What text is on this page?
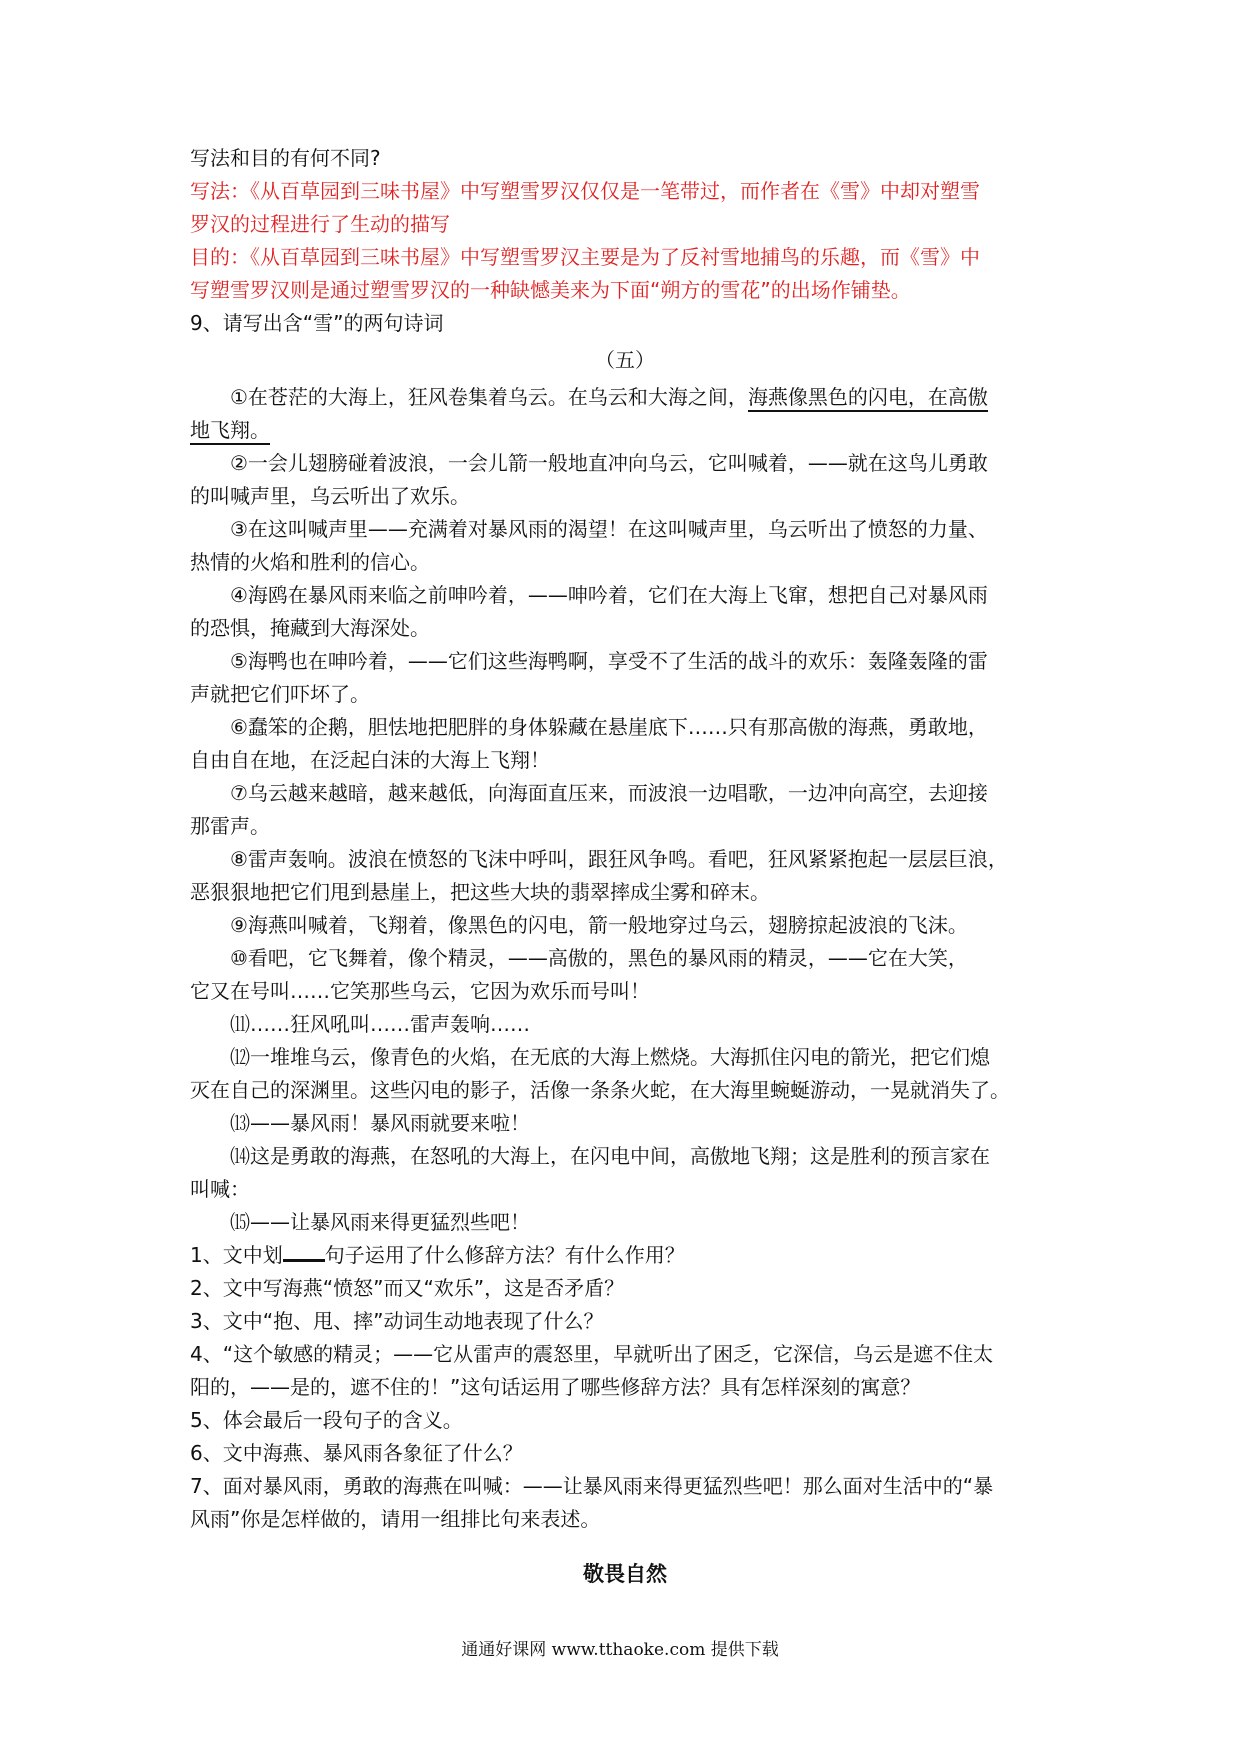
写法和目的有何不同?

写法：《从百草园到三味书屋》中写塑雪罗汉仅仅是一笔带过，而作者在《雪》中却对塑雪

罗汉的过程进行了生动的描写

目的：《从百草园到三味书屋》中写塑雪罗汉主要是为了反衬雪地捕鸟的乐趣，而《雪》中

写塑雪罗汉则是通过塑雪罗汉的一种缺憾美来为下面“朔方的雪花”的出场作铺垫。

9、请写出含“雪”的两句诗词

（五）

①在苍茫的大海上，狂风卷集着乌云。在乌云和大海之间，海燕像黑色的闪电，在高傲

地飞翔。

②一会儿翅膀碰着波浪，一会儿箭一般地直冲向乌云，它叫喊着，——就在这鸟儿勇敢

的叫喊声里，乌云听出了欢乐。

③在这叫喊声里——充满着对暴风雨的渴望！在这叫喊声里，乌云听出了愤怒的力量、

热情的火焰和胜利的信心。

④海鸥在暴风雨来临之前呻吟着，——呻吟着，它们在大海上飞窜，想把自己对暴风雨

的恐惧，掩藏到大海深处。

⑤海鸭也在呻吟着，——它们这些海鸭啊，享受不了生活的战斗的欢乐：轰隆轰隆的雷

声就把它们吓坏了。

⑥蠢笨的企鹅，胆怯地把肥胖的身体躲藏在悬崖底下……只有那高傲的海燕，勇敢地，

自由自在地，在泛起白沫的大海上飞翔！

⑦乌云越来越暗，越来越低，向海面直压来，而波浪一边唱歌，一边冲向高空，去迎接

那雷声。

⑧雷声轰响。波浪在愤怒的飞沫中呼叫，跟狂风争鸣。看吧，狂风紧紧抱起一层层巨浪，

恶狠狠地把它们甩到悬崖上，把这些大块的翡翠摔成尘雾和碎末。

⑨海燕叫喊着，飞翔着，像黑色的闪电，箭一般地穿过乌云，翅膀掠起波浪的飞沫。

⑩看吧，它飞舞着，像个精灵，——高傲的，黑色的暴风雨的精灵，——它在大笑，

它又在号叫……它笑那些乌云，它因为欢乐而号叫！

⑾……狂风吼叫……雷声轰响……

⑿一堆堆乌云，像青色的火焰，在无底的大海上燃烧。大海抓住闪电的箭光，把它们熄

灭在自己的深渊里。这些闪电的影子，活像一条条火蛇，在大海里蜿蜒游动，一晃就消失了。

⒀——暴风雨！暴风雨就要来啦！

⒁这是勇敢的海燕，在怒吼的大海上，在闪电中间，高傲地飞翔；这是胜利的预言家在

叫喊：

⒂——让暴风雨来得更猛烈些吧！

1、文中划 句子运用了什么修辞方法？有什么作用？

2、文中写海燕“愤怒”而又“欢乐”，这是否矛盾？

3、文中“抱、甩、摔”动词生动地表现了什么？

4、“这个敏感的精灵；——它从雷声的震怒里，早就听出了困乏，它深信，乌云是遮不住太

阳的，——是的，遮不住的！”这句话运用了哪些修辞方法？具有怎样深刻的寓意？

5、体会最后一段句子的含义。

6、文中海燕、暴风雨各象征了什么？

7、面对暴风雨，勇敢的海燕在叫喊：——让暴风雨来得更猛烈些吧！那么面对生活中的“暴

风雨”你是怎样做的，请用一组排比句来表述。

敬畏自然

通通好课网 www.tthaoke.com 提供下载
